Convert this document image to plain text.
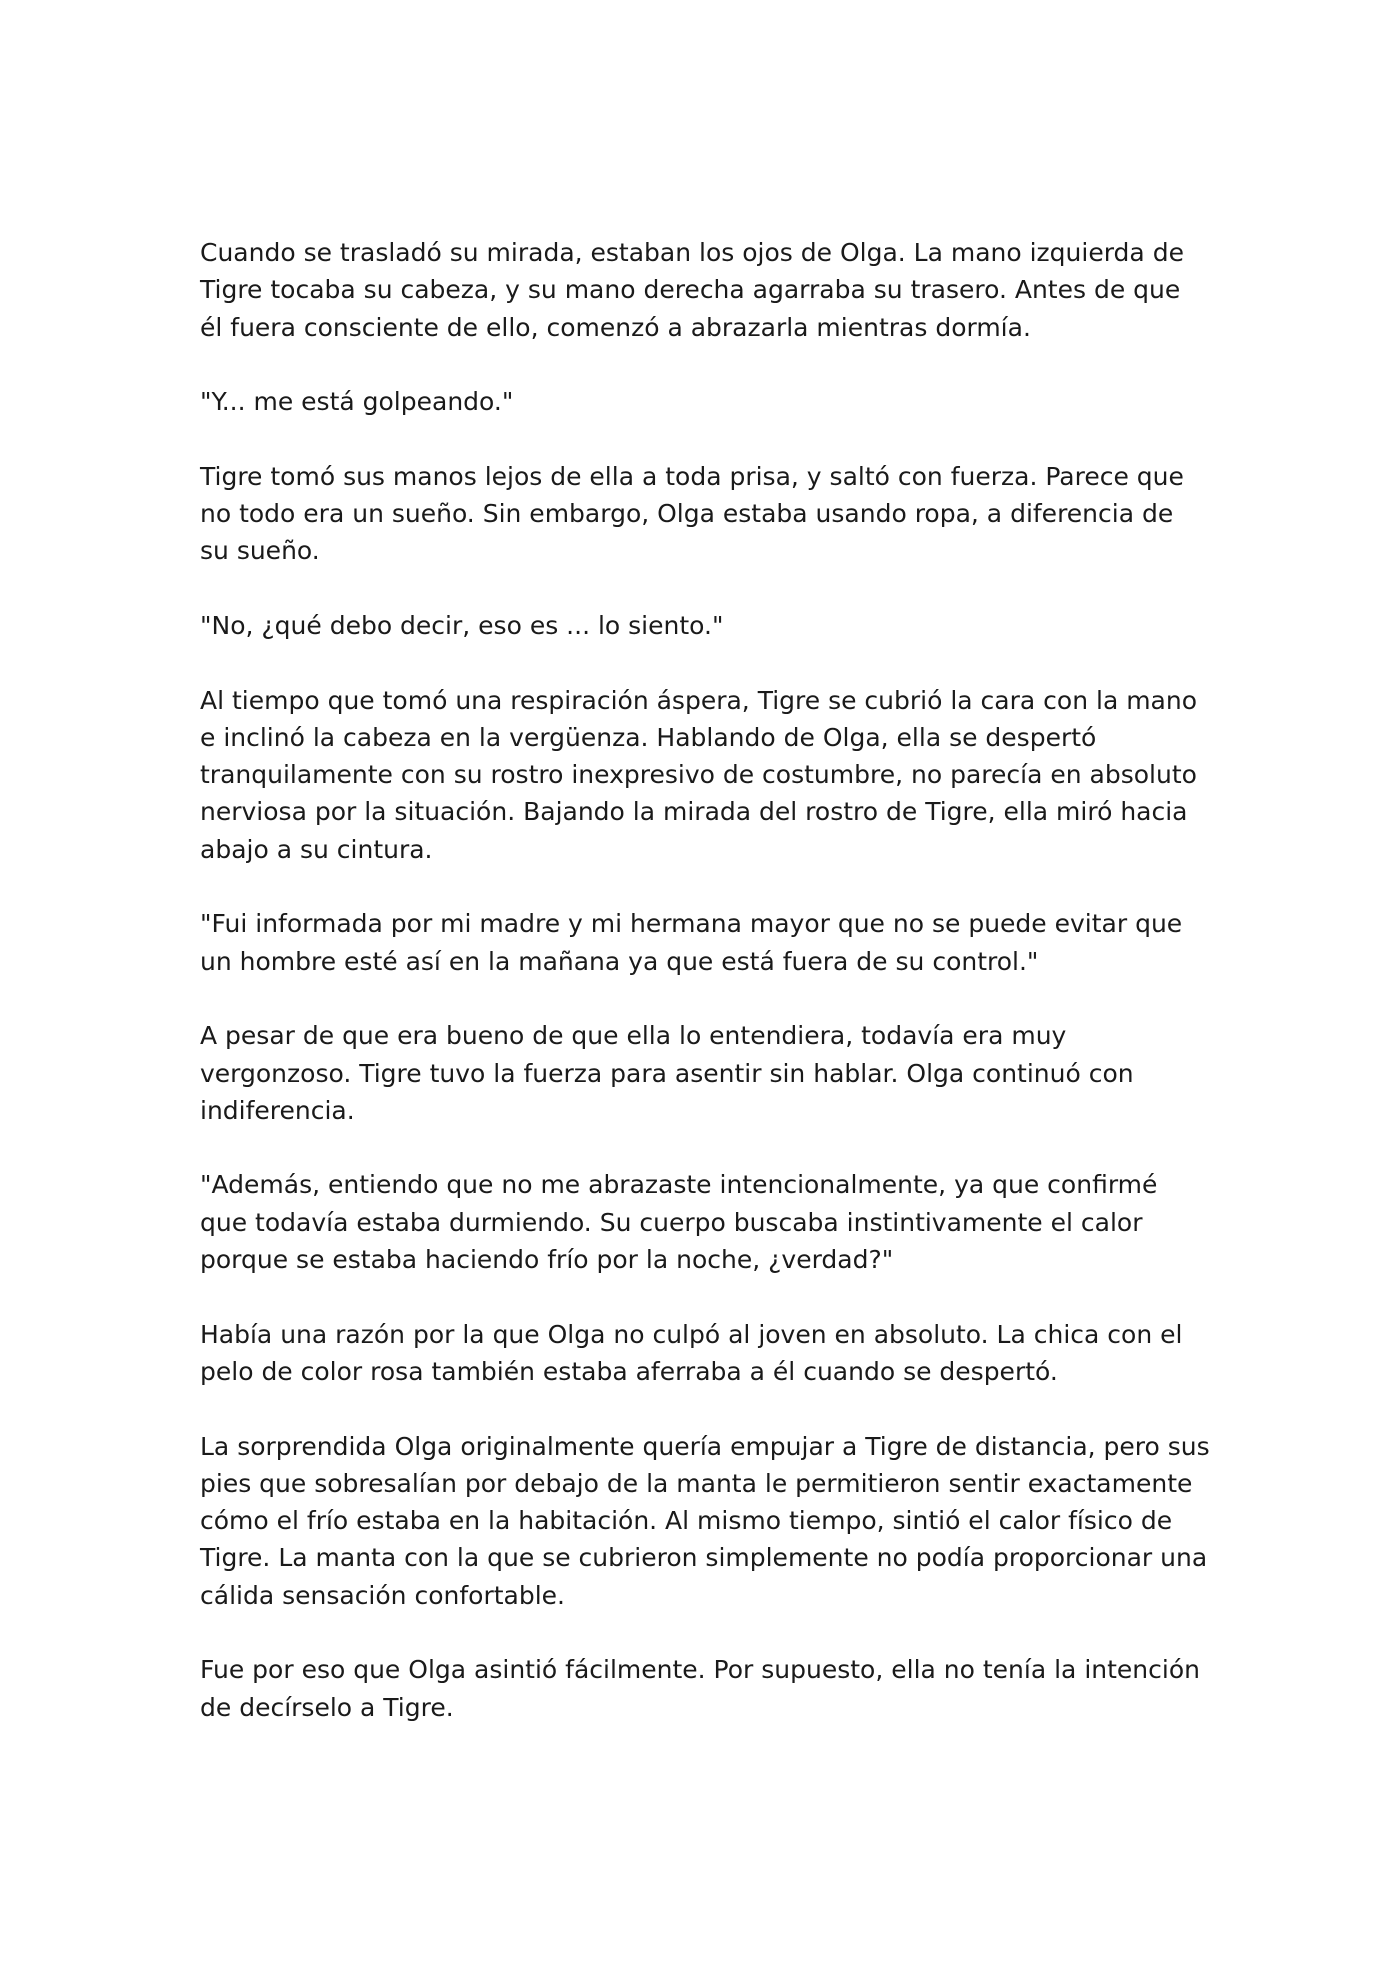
Cuando se trasladó su mirada, estaban los ojos de Olga. La mano izquierda de Tigre tocaba su cabeza, y su mano derecha agarraba su trasero. Antes de que él fuera consciente de ello, comenzó a abrazarla mientras dormía.

"Y... me está golpeando."

Tigre tomó sus manos lejos de ella a toda prisa, y saltó con fuerza. Parece que no todo era un sueño. Sin embargo, Olga estaba usando ropa, a diferencia de su sueño.

"No, ¿qué debo decir, eso es ... lo siento."

Al tiempo que tomó una respiración áspera, Tigre se cubrió la cara con la mano e inclinó la cabeza en la vergüenza. Hablando de Olga, ella se despertó tranquilamente con su rostro inexpresivo de costumbre, no parecía en absoluto nerviosa por la situación. Bajando la mirada del rostro de Tigre, ella miró hacia abajo a su cintura.

"Fui informada por mi madre y mi hermana mayor que no se puede evitar que un hombre esté así en la mañana ya que está fuera de su control."

A pesar de que era bueno de que ella lo entendiera, todavía era muy vergonzoso. Tigre tuvo la fuerza para asentir sin hablar. Olga continuó con indiferencia.

"Además, entiendo que no me abrazaste intencionalmente, ya que confirmé que todavía estaba durmiendo. Su cuerpo buscaba instintivamente el calor porque se estaba haciendo frío por la noche, ¿verdad?"

Había una razón por la que Olga no culpó al joven en absoluto. La chica con el pelo de color rosa también estaba aferraba a él cuando se despertó.

La sorprendida Olga originalmente quería empujar a Tigre de distancia, pero sus pies que sobresalían por debajo de la manta le permitieron sentir exactamente cómo el frío estaba en la habitación. Al mismo tiempo, sintió el calor físico de Tigre. La manta con la que se cubrieron simplemente no podía proporcionar una cálida sensación confortable.

Fue por eso que Olga asintió fácilmente. Por supuesto, ella no tenía la intención de decírselo a Tigre.
